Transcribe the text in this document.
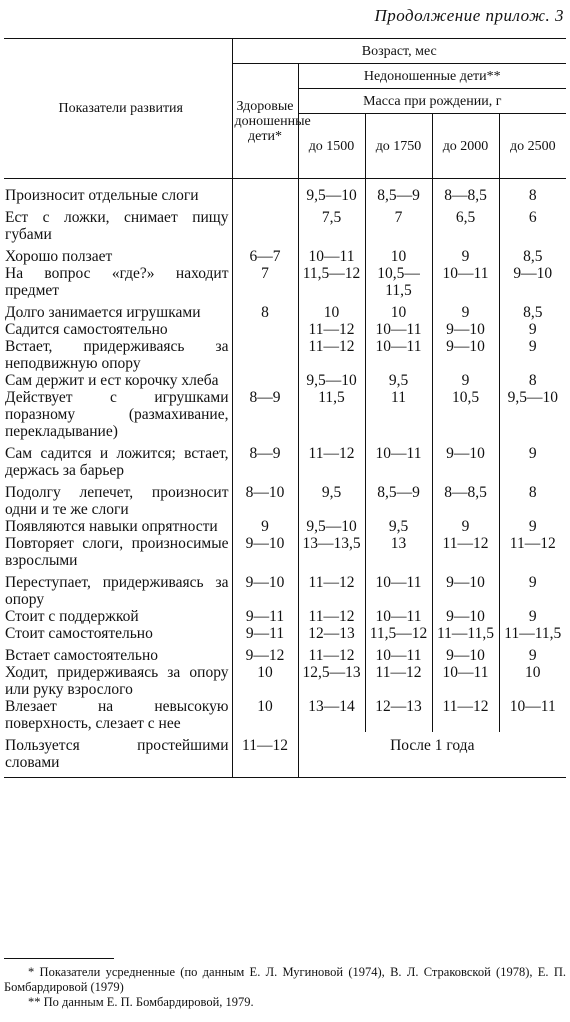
Продолжение прилож. 3
Показатели развития	Возраст, мес				
	Здоровые доношенные дети*	Недоношенные дети**			
		Масса при рождении, г			
		до 1500	до 1750	до 2000	до 2500
Произносит отдельные слоги		9,5—10	8,5—9	8—8,5	8
Ест с ложки, снимает пищу губами		7,5	7	6,5	6
Хорошо ползает	6—7	10—11	10	9	8,5
На вопрос «где?» находит предмет	7	11,5—12	10,5—11,5	10—11	9—10
Долго занимается игрушками	8	10	10	9	8,5
Садится самостоятельно		11—12	10—11	9—10	9
Встает, придерживаясь за неподвижную опору		11—12	10—11	9—10	9
Сам держит и ест корочку хлеба		9,5—10	9,5	9	8
Действует с игрушками поразному (размахивание, перекладывание)	8—9	11,5	11	10,5	9,5—10
Сам садится и ложится; встает, держась за барьер	8—9	11—12	10—11	9—10	9
Подолгу лепечет, произносит одни и те же слоги	8—10	9,5	8,5—9	8—8,5	8
Появляются навыки опрятности	9	9,5—10	9,5	9	9
Повторяет слоги, произносимые взрослыми	9—10	13—13,5	13	11—12	11—12
Переступает, придерживаясь за опору	9—10	11—12	10—11	9—10	9
Стоит с поддержкой	9—11	11—12	10—11	9—10	9
Стоит самостоятельно	9—11	12—13	11,5—12	11—11,5	11—11,5
Встает самостоятельно	9—12	11—12	10—11	9—10	9
Ходит, придерживаясь за опору или руку взрослого	10	12,5—13	11—12	10—11	10
Влезает на невысокую поверхность, слезает с нее	10	13—14	12—13	11—12	10—11
Пользуется простейшими словами	11—12	После 1 года			
* Показатели усредненные (по данным Е. Л. Мугиновой (1974), В. Л. Страковской (1978), Е. П. Бомбардировой (1979)
** По данным Е. П. Бомбардировой, 1979.
